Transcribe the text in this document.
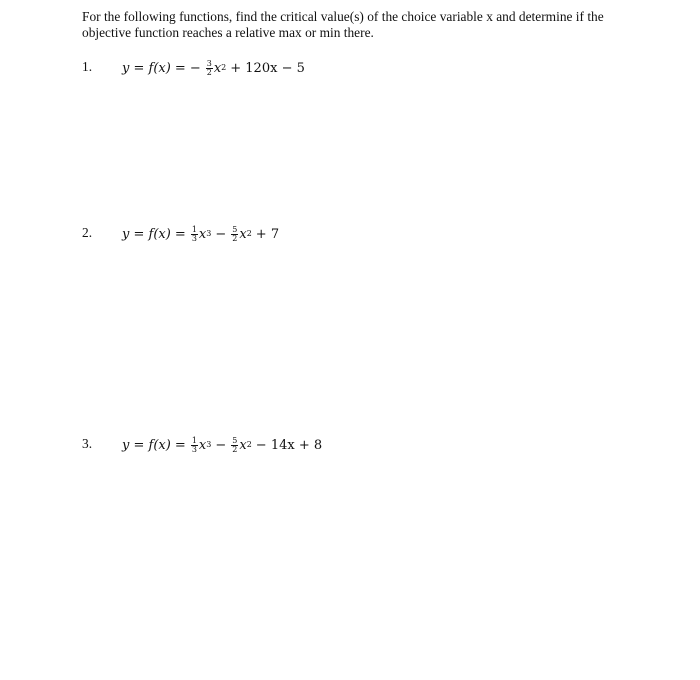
For the following functions, find the critical value(s) of the choice variable x and determine if the objective function reaches a relative max or min there.

1. y = f(x) = − $\frac{3}{2}$ x 2 + 120x − 5
2. $y = f(x) = \frac{1}{3}$ x $3 - \frac{5}{2}$ x 2 + 7
3. $y = f(x) = \frac{1}{3}$ x $3 - \frac{5}{2}$ x 2 − 14x + 8
